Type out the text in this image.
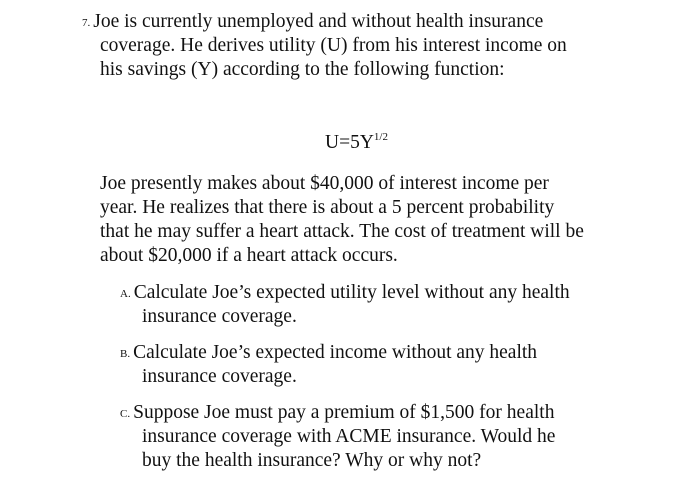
7. Joe is currently unemployed and without health insurance
coverage. He derives utility (U) from his interest income on
his savings (Y) according to the following function:
$U=5Y^{1/2}$
Joe presently makes about $40,000 of interest income per
year. He realizes that there is about a 5 percent probability
that he may suffer a heart attack. The cost of treatment will be
about $20,000 if a heart attack occurs.
A. Calculate Joe’s expected utility level without any health
insurance coverage.
B. Calculate Joe’s expected income without any health
insurance coverage.
C. Suppose Joe must pay a premium of $1,500 for health
insurance coverage with ACME insurance. Would he
buy the health insurance? Why or why not?
